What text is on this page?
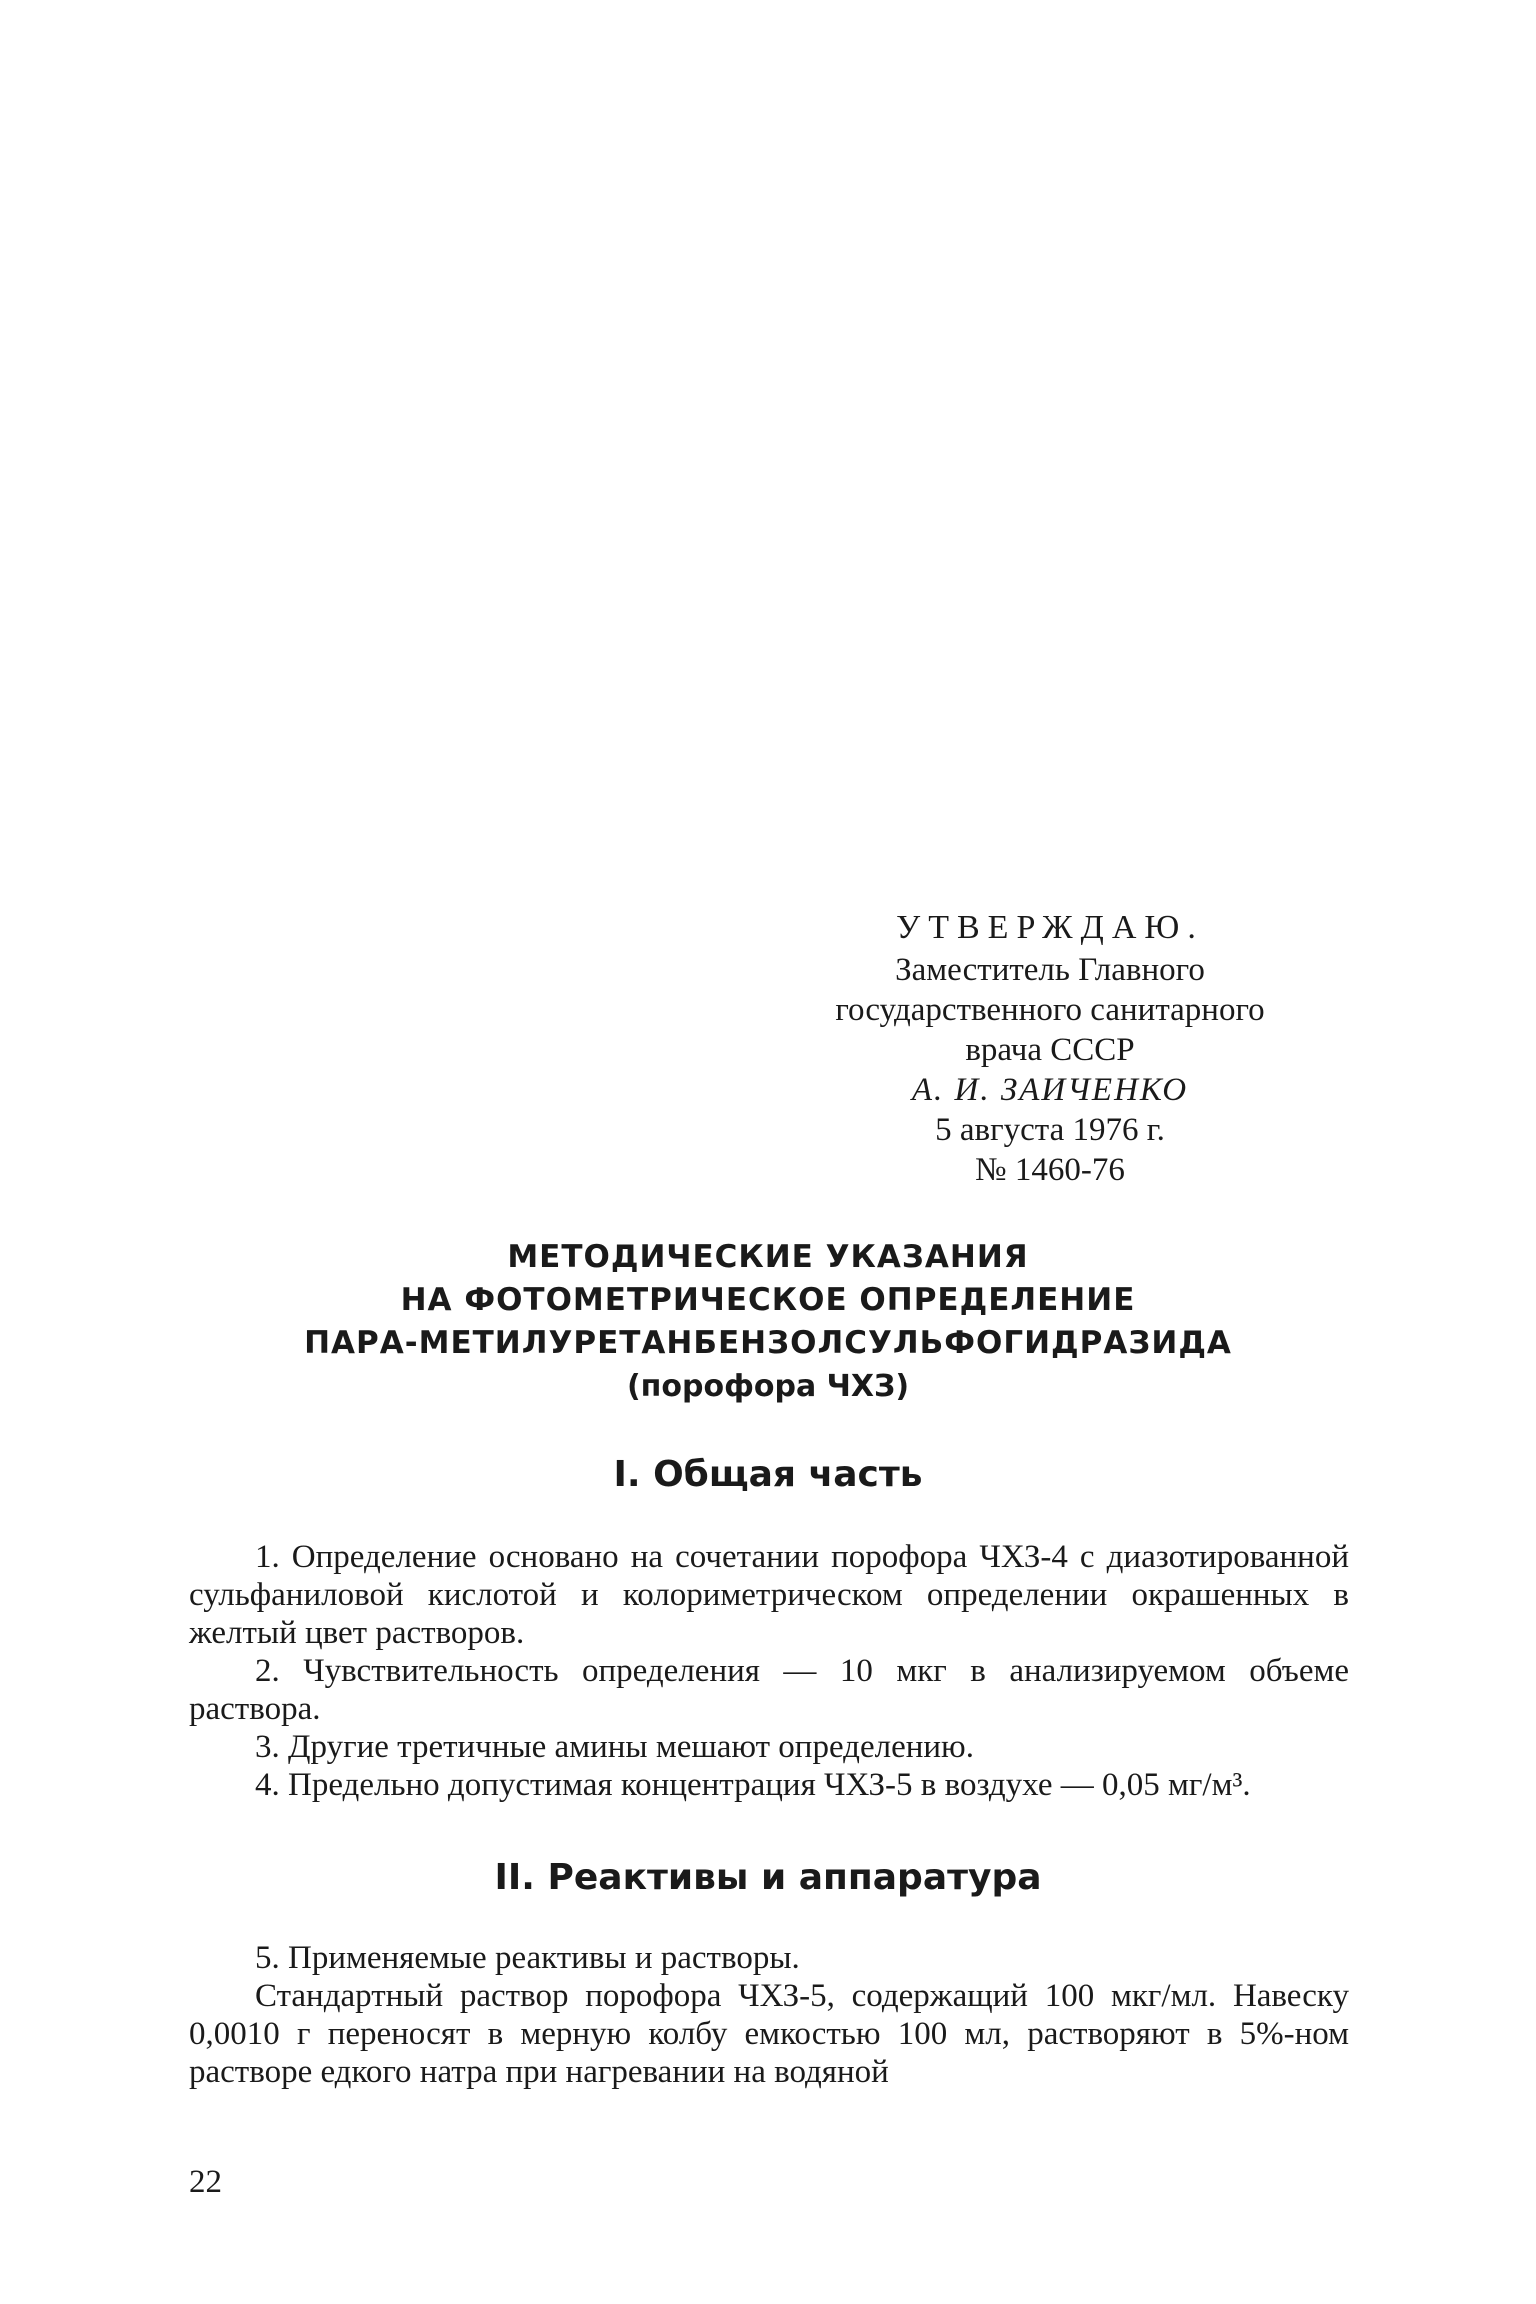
УТВЕРЖДАЮ.
Заместитель Главного
государственного санитарного
врача СССР
А. И. ЗАИЧЕНКО
5 августа 1976 г.
№ 1460-76
МЕТОДИЧЕСКИЕ УКАЗАНИЯ
НА ФОТОМЕТРИЧЕСКОЕ ОПРЕДЕЛЕНИЕ
ПАРА-МЕТИЛУРЕТАНБЕНЗОЛСУЛЬФОГИДРАЗИДА
(порофора ЧХЗ)
I. Общая часть

1. Определение основано на сочетании порофора ЧХЗ-4 с диазотированной сульфаниловой кислотой и колориметрическом определении окрашенных в желтый цвет растворов.

2. Чувствительность определения — 10 мкг в анализируемом объеме раствора.

3. Другие третичные амины мешают определению.

4. Предельно допустимая концентрация ЧХЗ-5 в воздухе — 0,05 мг/м³.

II. Реактивы и аппаратура

5. Применяемые реактивы и растворы.

Стандартный раствор порофора ЧХЗ-5, содержащий 100 мкг/мл. Навеску 0,0010 г переносят в мерную колбу емкостью 100 мл, растворяют в 5%-ном растворе едкого натра при нагревании на водяной

22
